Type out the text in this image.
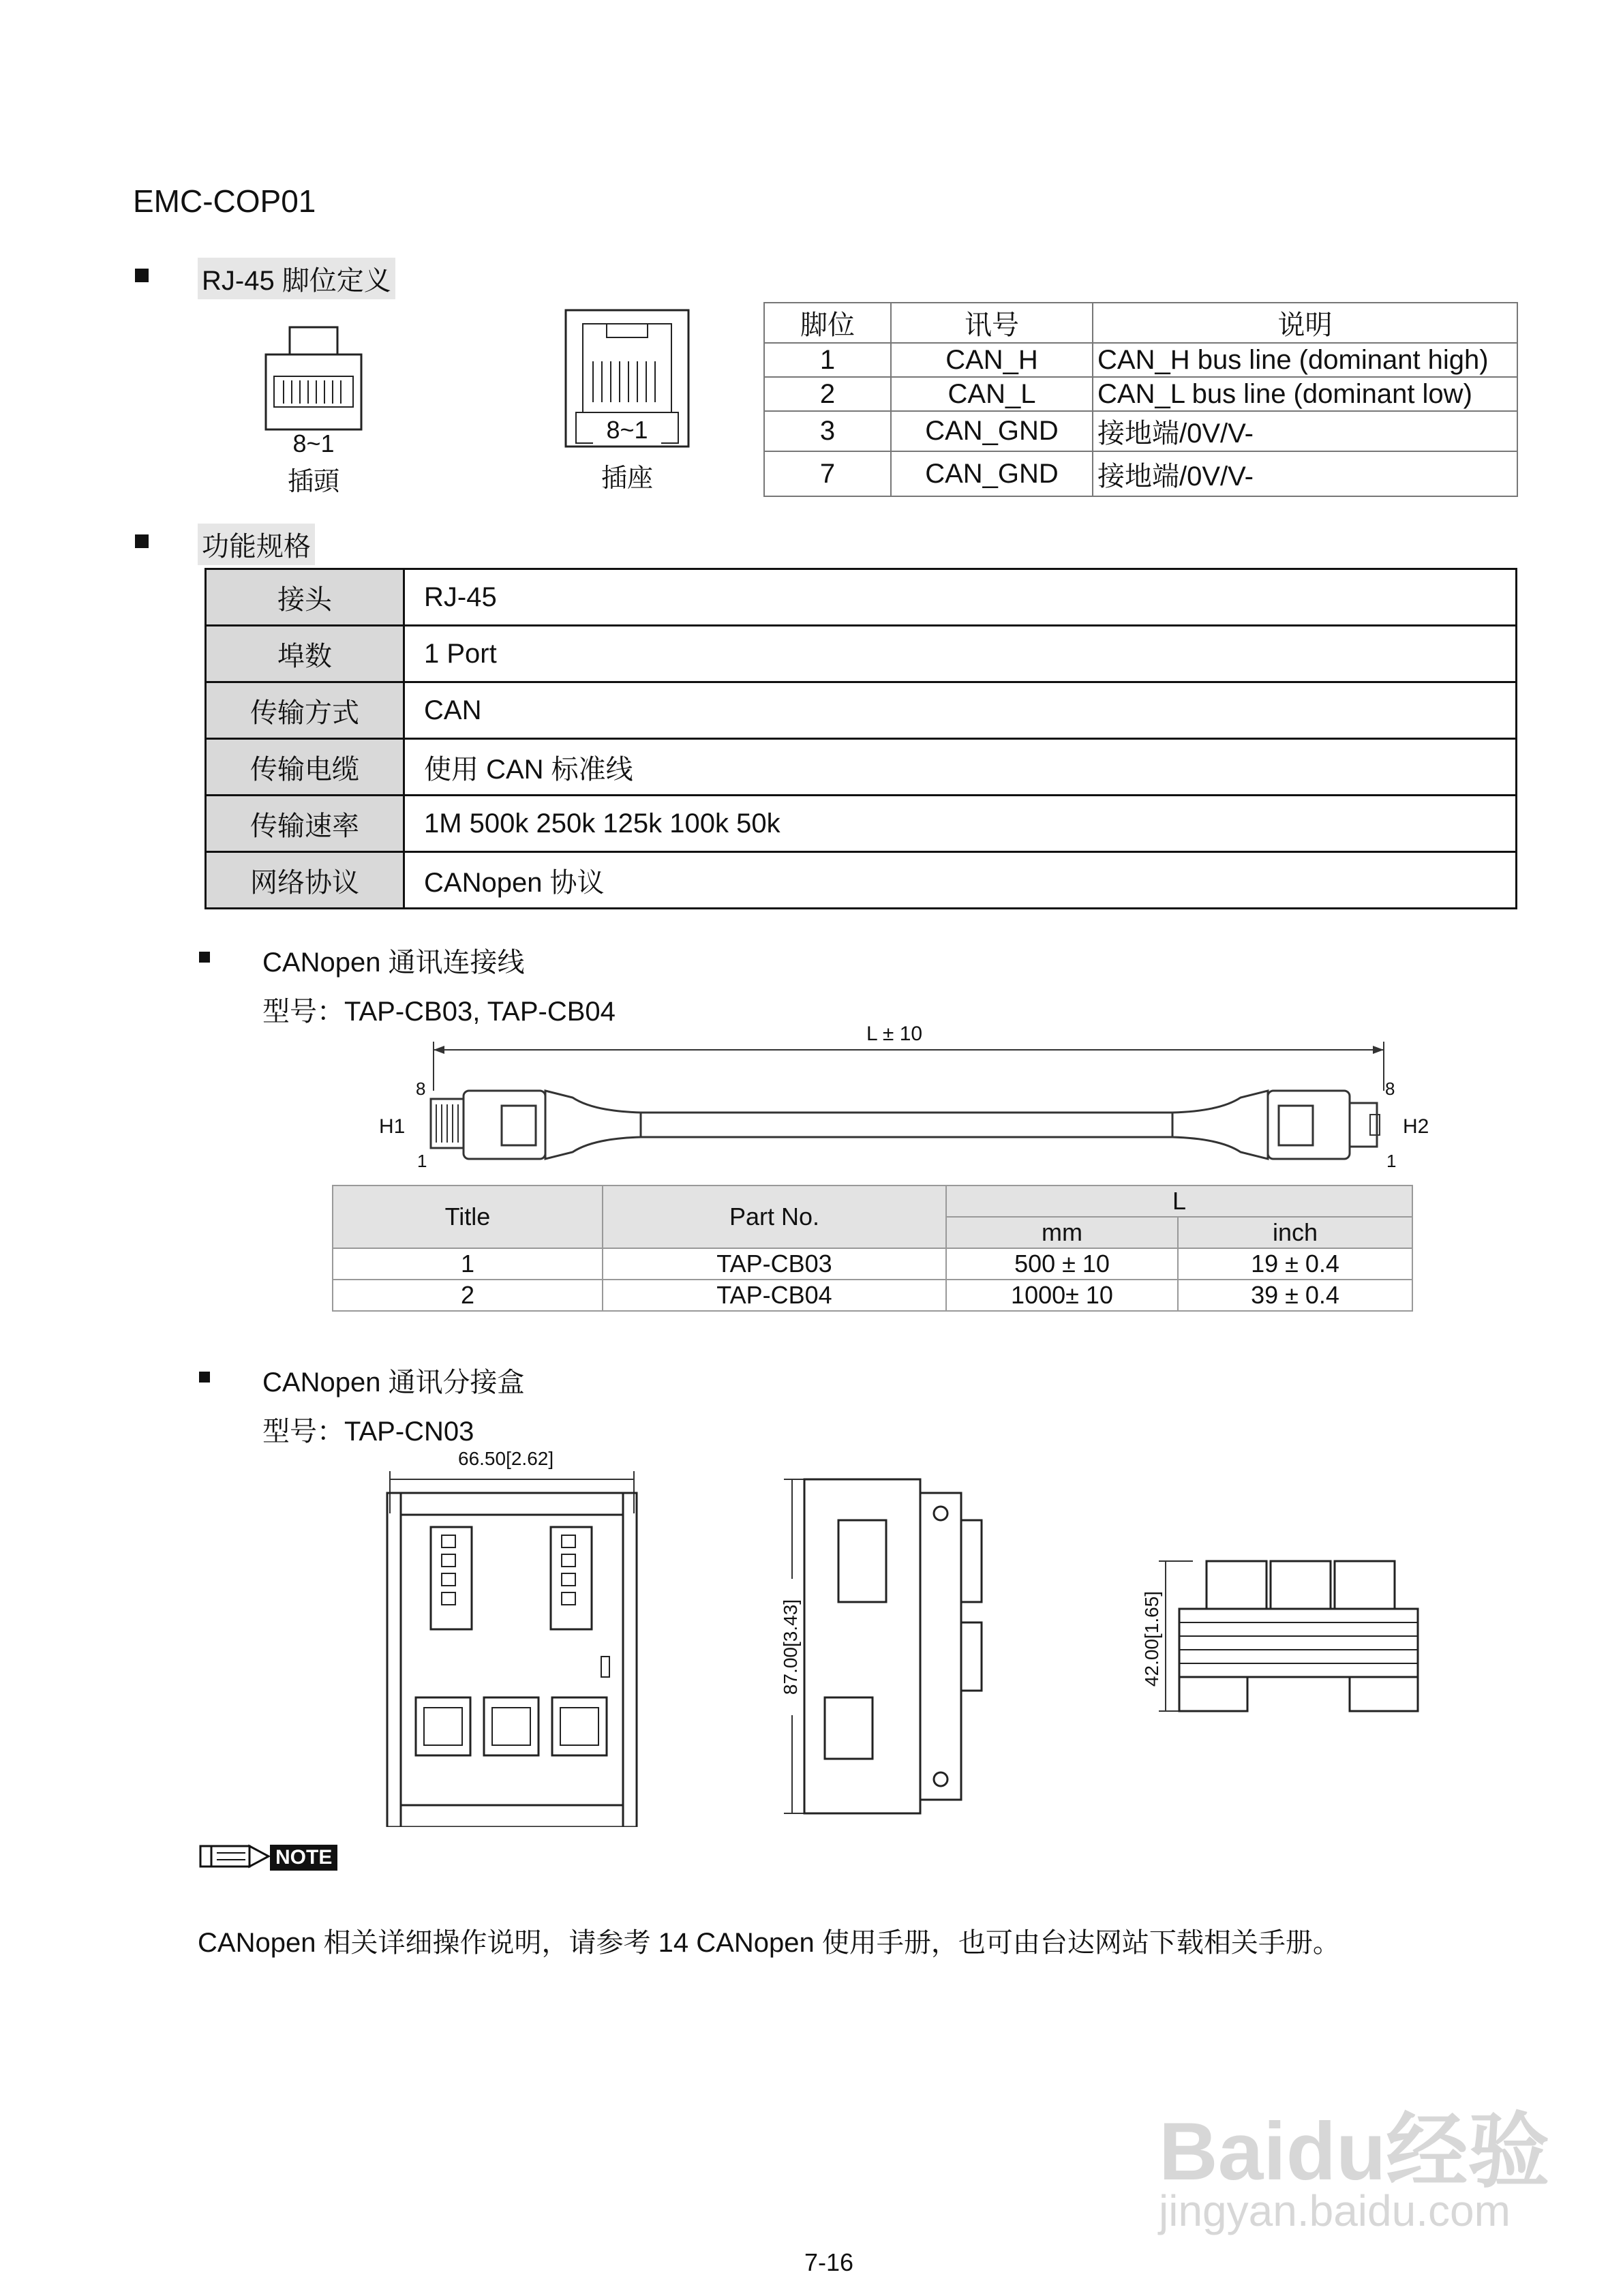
EMC-COP01
RJ-45 脚位定义
8~1
插頭
8~1
插座
脚位	讯号	说明
1	CAN_H	CAN_H bus line (dominant high)
2	CAN_L	CAN_L bus line (dominant low)
3	CAN_GND	接地端/0V/V-
7	CAN_GND	接地端/0V/V-
功能规格
接头	RJ-45
埠数	1 Port
传输方式	CAN
传输电缆	使用 CAN 标准线
传输速率	1M 500k 250k 125k 100k 50k
网络协议	CANopen 协议
CANopen 通讯连接线
型号：TAP-CB03, TAP-CB04
L ± 10
H1	H2
8
1
8
1
Title	Part No.	L	
		mm	inch
1	TAP-CB03	500 ± 10	19 ± 0.4
2	TAP-CB04	1000± 10	39 ± 0.4
CANopen 通讯分接盒
型号：TAP-CN03
66.50[2.62]
87.00[3.43]	42.00[1.65]
NOTE
CANopen 相关详细操作说明，请参考 14 CANopen 使用手册，也可由台达网站下载相关手册。
Baidu经验
jingyan.baidu.com
7-16
